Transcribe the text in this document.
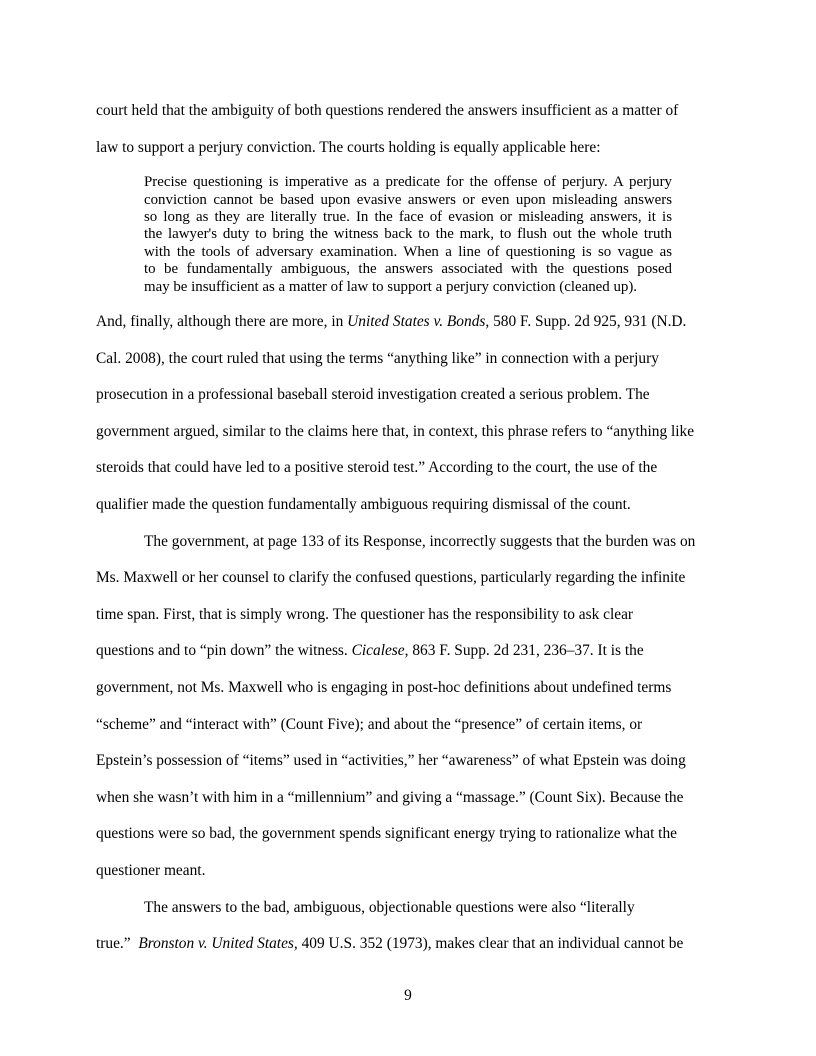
court held that the ambiguity of both questions rendered the answers insufficient as a matter of
law to support a perjury conviction. The courts holding is equally applicable here:

Precise questioning is imperative as a predicate for the offense of perjury. A perjury
conviction cannot be based upon evasive answers or even upon misleading answers
so long as they are literally true. In the face of evasion or misleading answers, it is
the lawyer's duty to bring the witness back to the mark, to flush out the whole truth
with the tools of adversary examination. When a line of questioning is so vague as
to be fundamentally ambiguous, the answers associated with the questions posed
may be insufficient as a matter of law to support a perjury conviction (cleaned up).

And, finally, although there are more, in United States v. Bonds, 580 F. Supp. 2d 925, 931 (N.D.
Cal. 2008), the court ruled that using the terms “anything like” in connection with a perjury
prosecution in a professional baseball steroid investigation created a serious problem. The
government argued, similar to the claims here that, in context, this phrase refers to “anything like
steroids that could have led to a positive steroid test.” According to the court, the use of the
qualifier made the question fundamentally ambiguous requiring dismissal of the count.

The government, at page 133 of its Response, incorrectly suggests that the burden was on
Ms. Maxwell or her counsel to clarify the confused questions, particularly regarding the infinite
time span. First, that is simply wrong. The questioner has the responsibility to ask clear
questions and to “pin down” the witness. Cicalese, 863 F. Supp. 2d 231, 236–37. It is the
government, not Ms. Maxwell who is engaging in post-hoc definitions about undefined terms
“scheme” and “interact with” (Count Five); and about the “presence” of certain items, or
Epstein’s possession of “items” used in “activities,” her “awareness” of what Epstein was doing
when she wasn’t with him in a “millennium” and giving a “massage.” (Count Six). Because the
questions were so bad, the government spends significant energy trying to rationalize what the
questioner meant.

The answers to the bad, ambiguous, objectionable questions were also “literally
true.”  Bronston v. United States, 409 U.S. 352 (1973), makes clear that an individual cannot be

9
